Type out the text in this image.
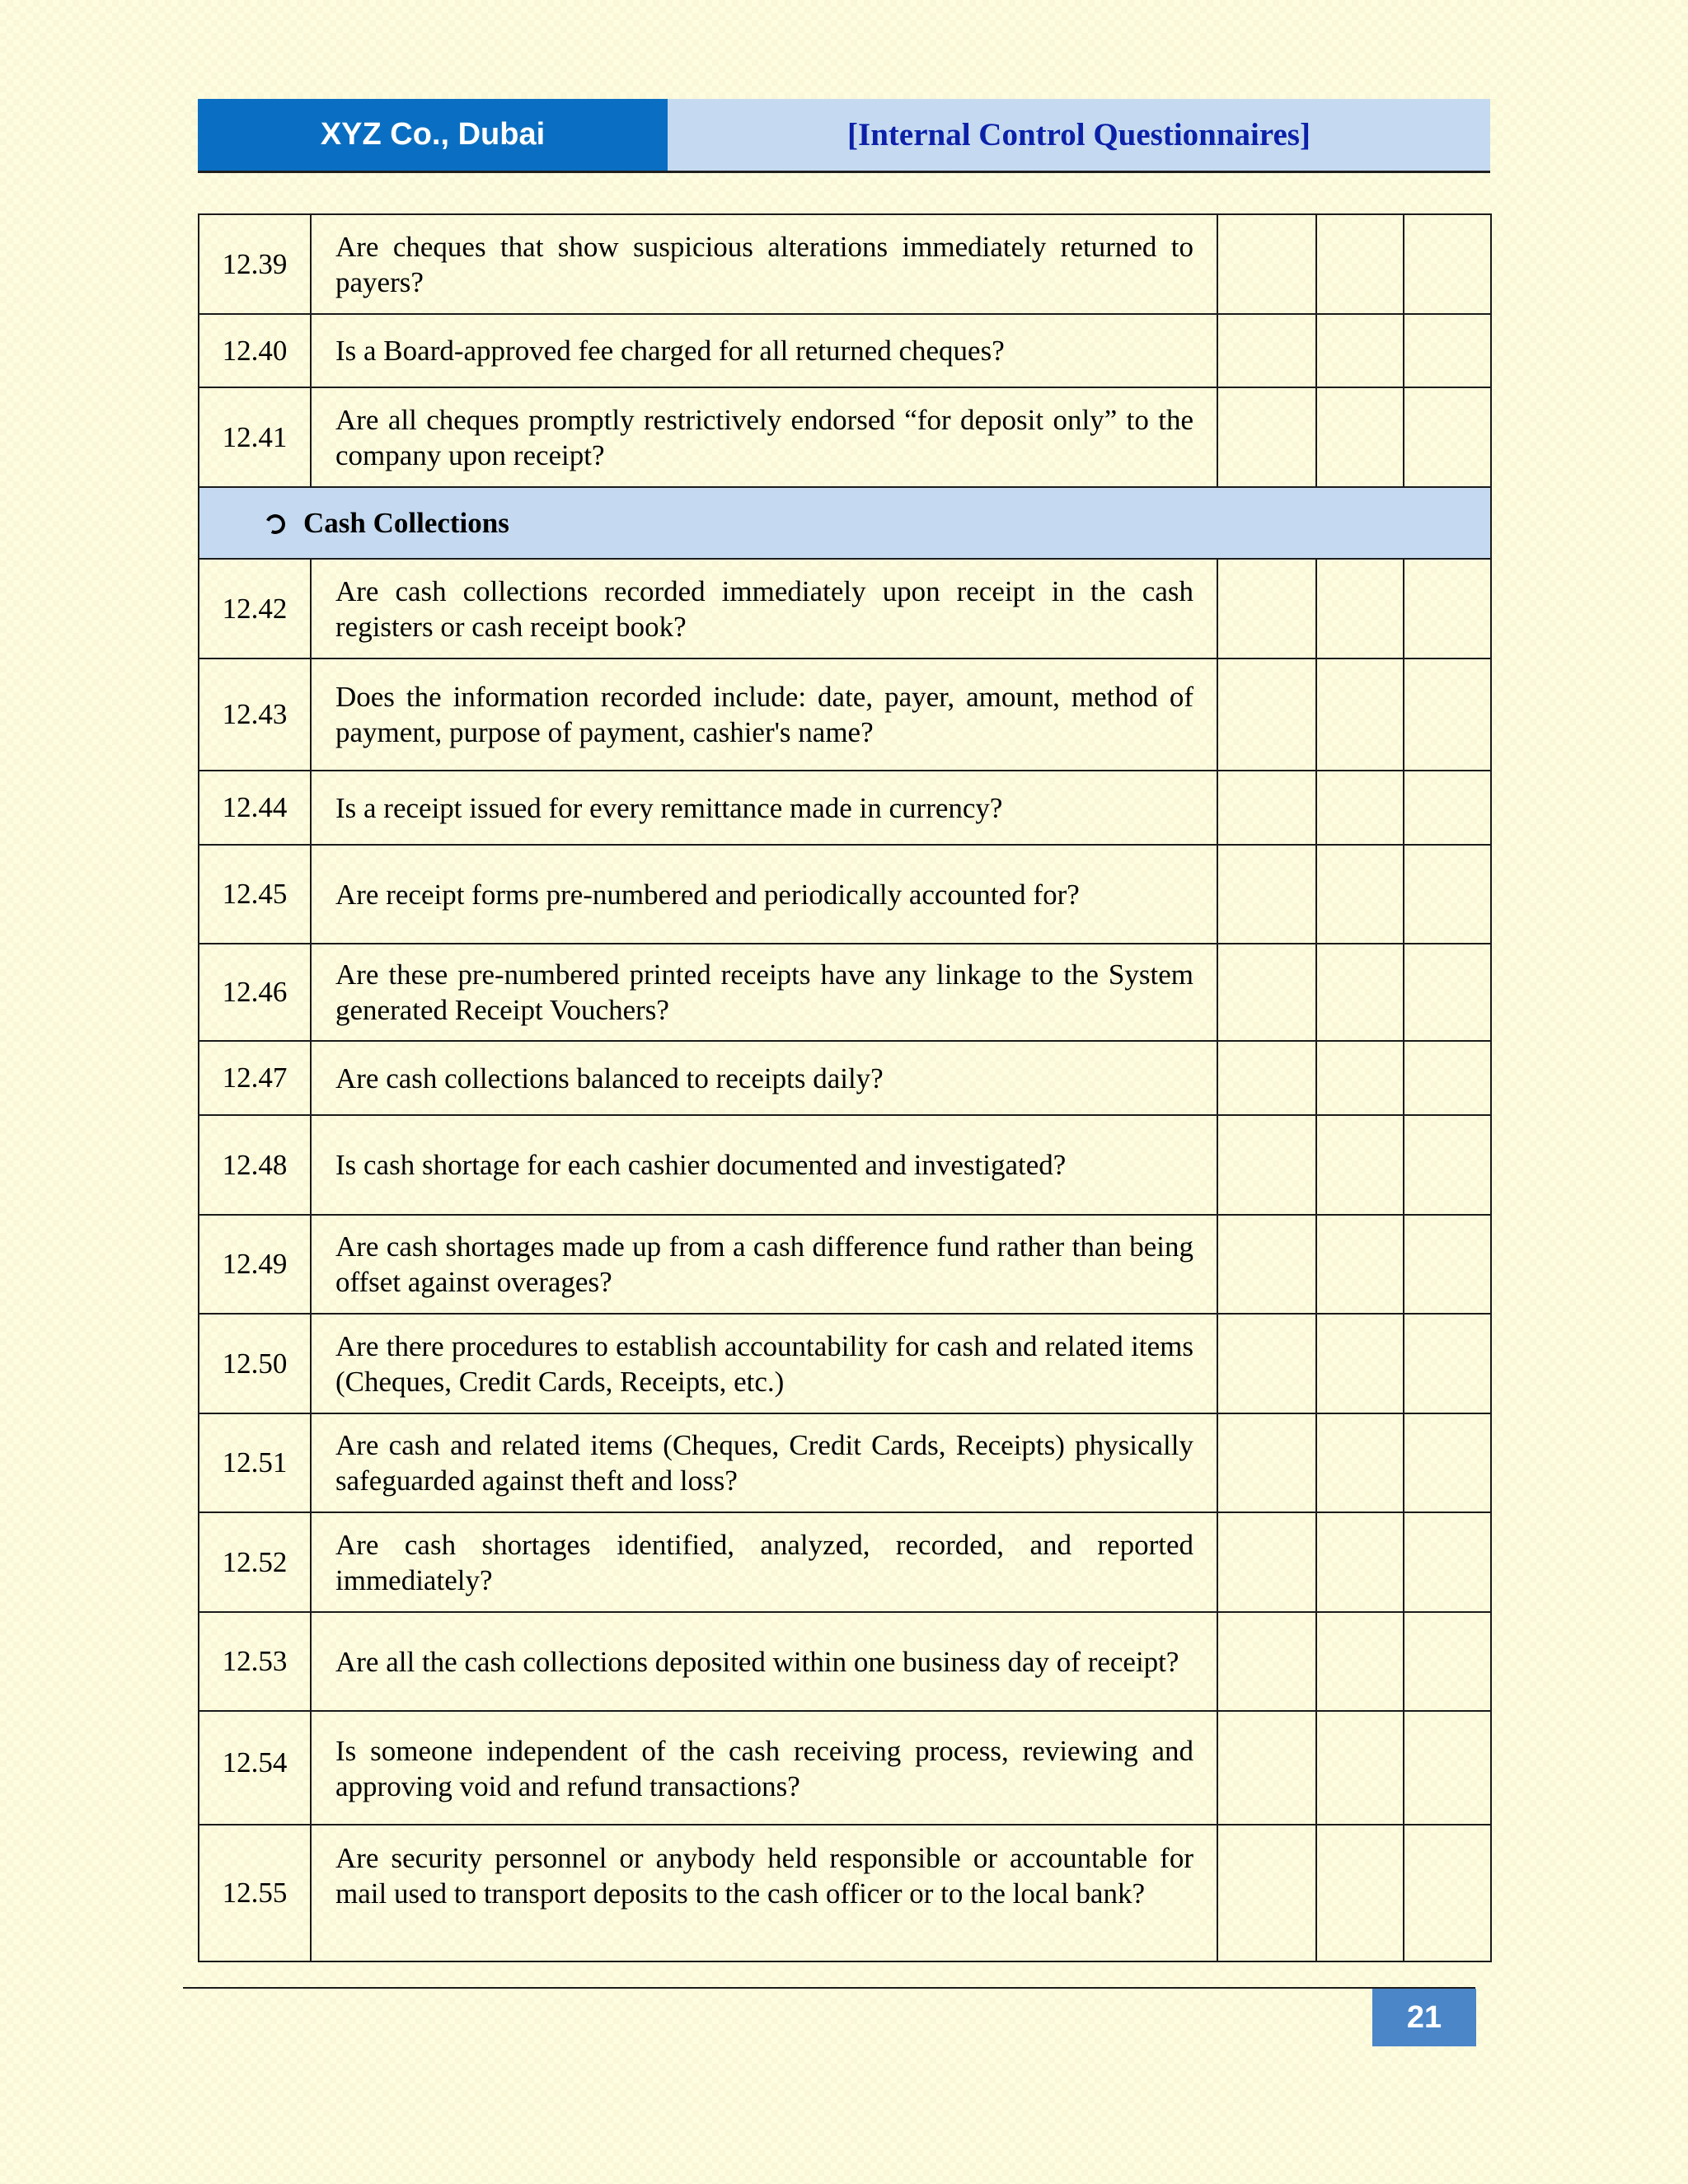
XYZ Co., Dubai	[Internal Control Questionnaires]
12.39	Are cheques that show suspicious alterations immediately returned to payers?			

12.40	Is a Board-approved fee charged for all returned cheques?			

12.41	Are all cheques promptly restrictively endorsed “for deposit only” to the company upon receipt?			

Cash Collections				
12.42	Are cash collections recorded immediately upon receipt in the cash registers or cash receipt book?			

12.43	Does the information recorded include: date, payer, amount, method of payment, purpose of payment, cashier's name?			

12.44	Is a receipt issued for every remittance made in currency?			

12.45	Are receipt forms pre-numbered and periodically accounted for?			

12.46	Are these pre-numbered printed receipts have any linkage to the System generated Receipt Vouchers?			

12.47	Are cash collections balanced to receipts daily?			

12.48	Is cash shortage for each cashier documented and investigated?			

12.49	Are cash shortages made up from a cash difference fund rather than being offset against overages?			

12.50	Are there procedures to establish accountability for cash and related items (Cheques, Credit Cards, Receipts, etc.)			

12.51	Are cash and related items (Cheques, Credit Cards, Receipts) physically safeguarded against theft and loss?			

12.52	Are cash shortages identified, analyzed, recorded, and reported immediately?			

12.53	Are all the cash collections deposited within one business day of receipt?			

12.54	Is someone independent of the cash receiving process, reviewing and approving void and refund transactions?			

12.55	Are security personnel or anybody held responsible or accountable for mail used to transport deposits to the cash officer or to the local bank?			

21
